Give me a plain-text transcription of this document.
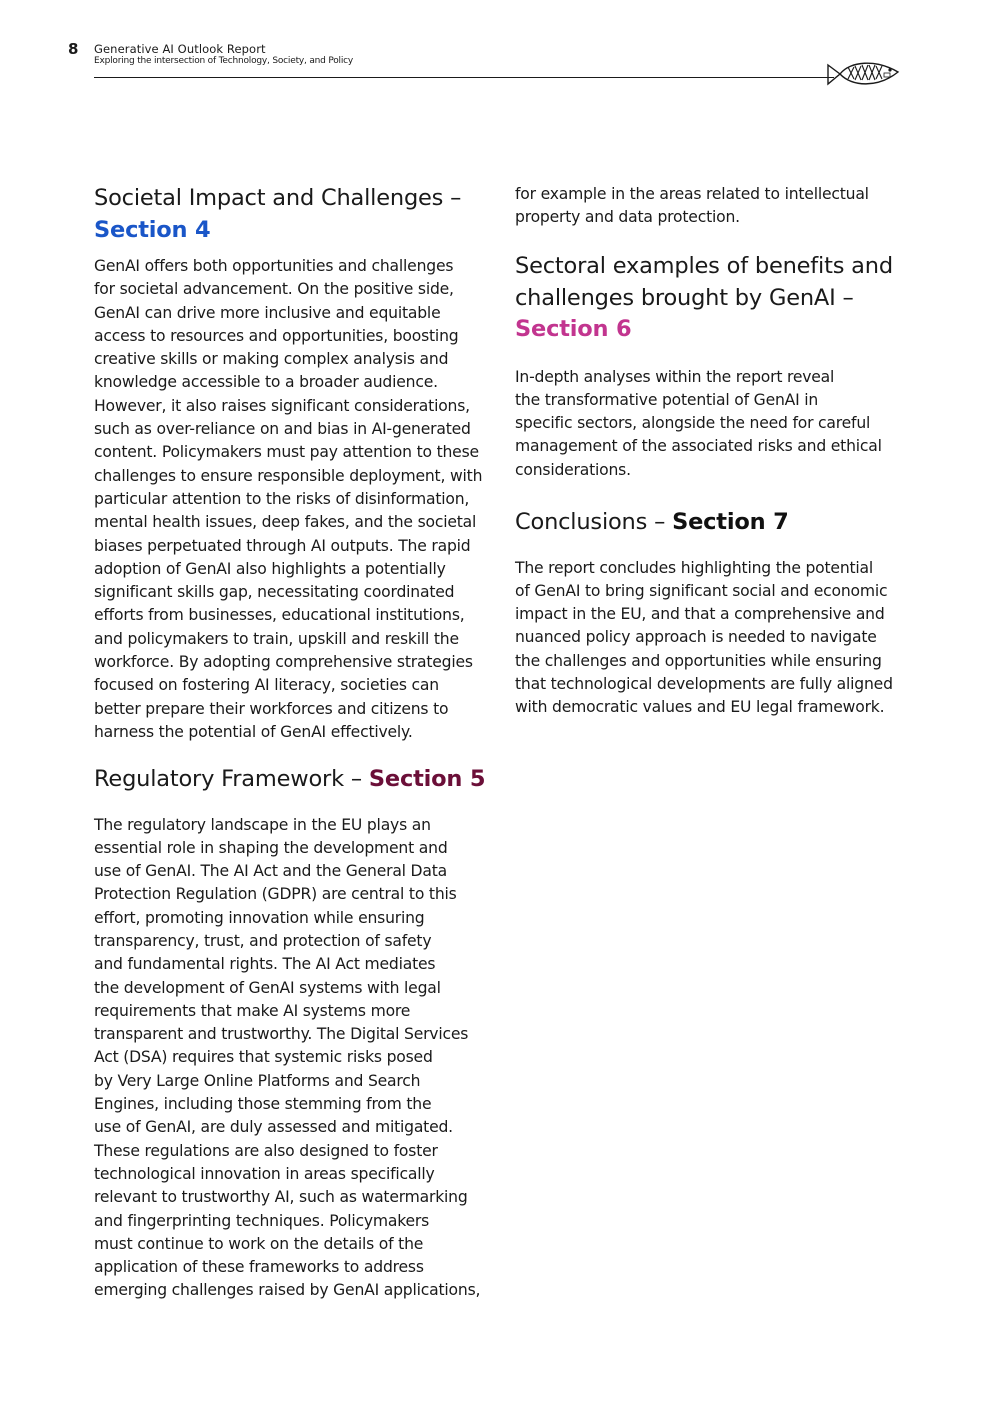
8 Generative AI Outlook Report
Exploring the intersection of Technology, Society, and Policy
Societal Impact and Challenges –
Section 4

GenAI offers both opportunities and challenges
for societal advancement. On the positive side,
GenAI can drive more inclusive and equitable
access to resources and opportunities, boosting
creative skills or making complex analysis and
knowledge accessible to a broader audience.
However, it also raises significant considerations,
such as over-reliance on and bias in AI-generated
content. Policymakers must pay attention to these
challenges to ensure responsible deployment, with
particular attention to the risks of disinformation,
mental health issues, deep fakes, and the societal
biases perpetuated through AI outputs. The rapid
adoption of GenAI also highlights a potentially
significant skills gap, necessitating coordinated
efforts from businesses, educational institutions,
and policymakers to train, upskill and reskill the
workforce. By adopting comprehensive strategies
focused on fostering AI literacy, societies can
better prepare their workforces and citizens to
harness the potential of GenAI effectively.

Regulatory Framework – Section 5

The regulatory landscape in the EU plays an
essential role in shaping the development and
use of GenAI. The AI Act and the General Data
Protection Regulation (GDPR) are central to this
effort, promoting innovation while ensuring
transparency, trust, and protection of safety
and fundamental rights. The AI Act mediates
the development of GenAI systems with legal
requirements that make AI systems more
transparent and trustworthy. The Digital Services
Act (DSA) requires that systemic risks posed
by Very Large Online Platforms and Search
Engines, including those stemming from the
use of GenAI, are duly assessed and mitigated.
These regulations are also designed to foster
technological innovation in areas specifically
relevant to trustworthy AI, such as watermarking
and fingerprinting techniques. Policymakers
must continue to work on the details of the
application of these frameworks to address
emerging challenges raised by GenAI applications,

for example in the areas related to intellectual
property and data protection.

Sectoral examples of benefits and
challenges brought by GenAI –
Section 6

In-depth analyses within the report reveal
the transformative potential of GenAI in
specific sectors, alongside the need for careful
management of the associated risks and ethical
considerations.

Conclusions – Section 7

The report concludes highlighting the potential
of GenAI to bring significant social and economic
impact in the EU, and that a comprehensive and
nuanced policy approach is needed to navigate
the challenges and opportunities while ensuring
that technological developments are fully aligned
with democratic values and EU legal framework.
